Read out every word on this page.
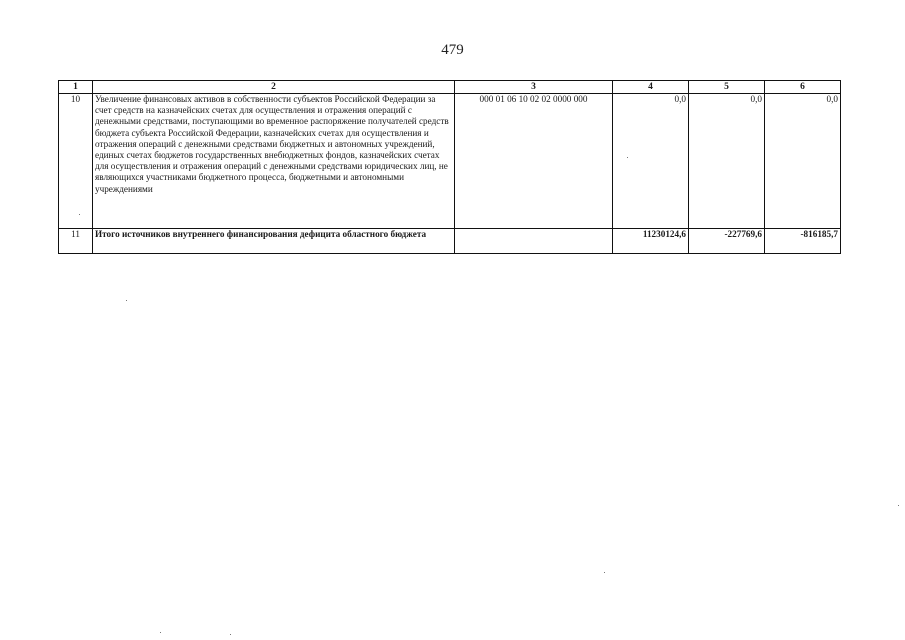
479
1	2	3	4	5	6
10	Увеличение финансовых активов в собственности субъектов Российской Федерации за счет средств на казначейских счетах для осуществления и отражения операций с денежными средствами, поступающими во временное распоряжение получателей средств бюджета субъекта Российской Федерации, казначейских счетах для осуществления и отражения операций с денежными средствами бюджетных и автономных учреждений, единых счетах бюджетов государственных внебюджетных фондов, казначейских счетах для осуществления и отражения операций с денежными средствами юридических лиц, не являющихся участниками бюджетного процесса, бюджетными и автономными учреждениями	000 01 06 10 02 02 0000 000	0,0	0,0	0,0
11	Итого источников внутреннего финансирования дефицита областного бюджета		11230124,6	-227769,6	-816185,7
